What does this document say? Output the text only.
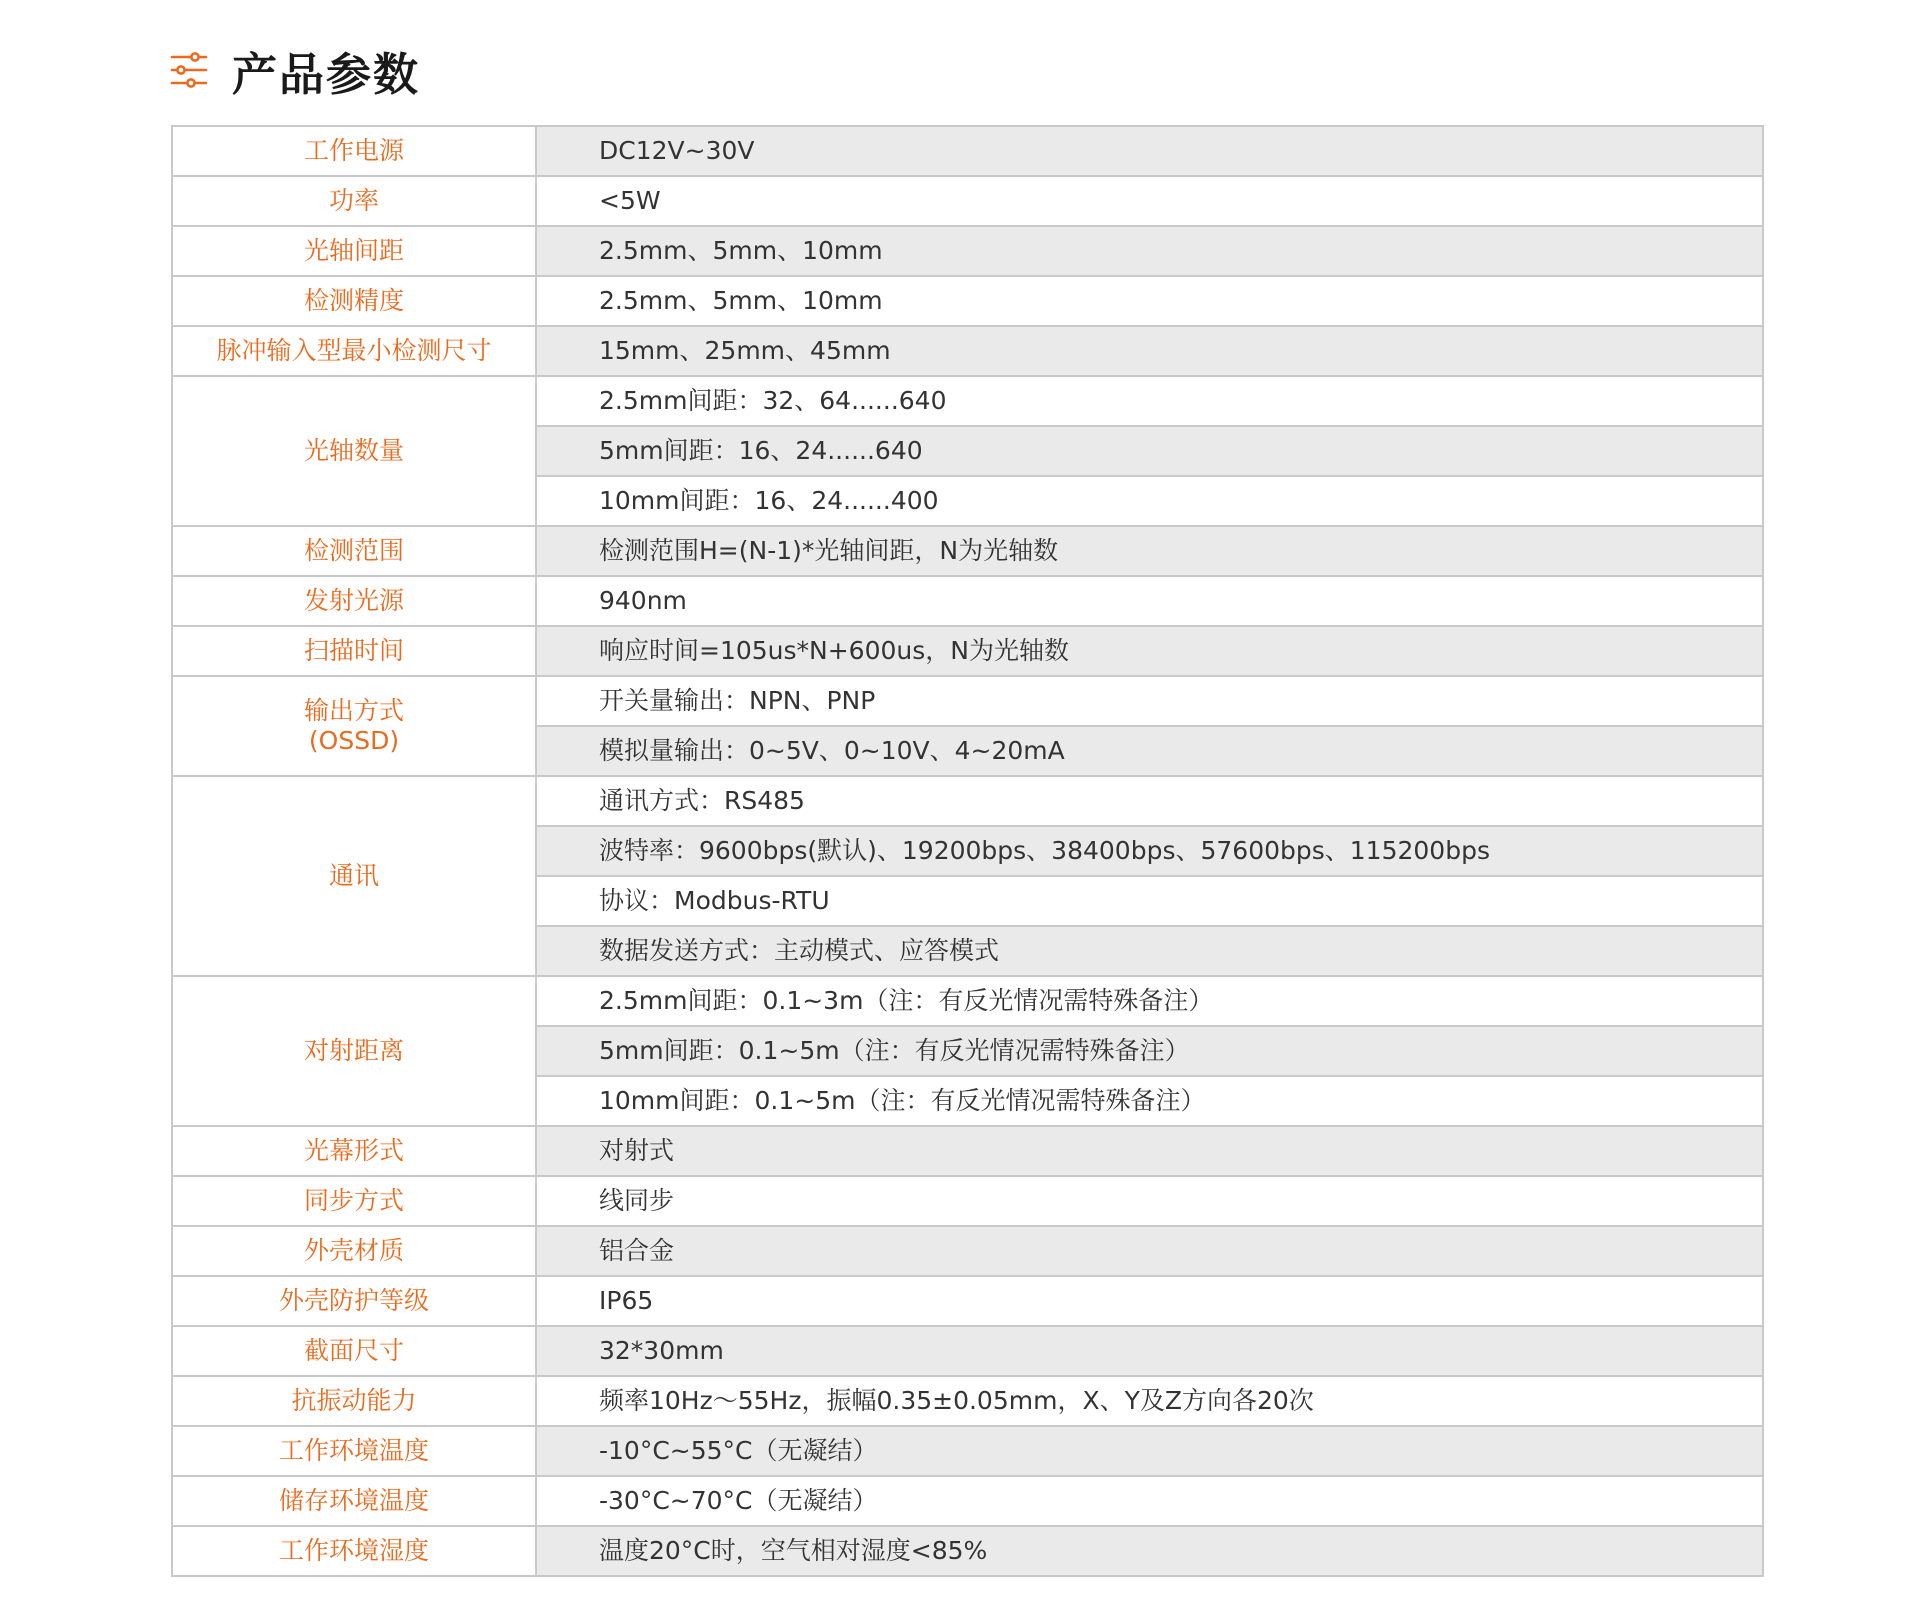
产品参数
工作电源	DC12V~30V

功率	<5W

光轴间距	2.5mm、5mm、10mm

检测精度	2.5mm、5mm、10mm

脉冲输入型最小检测尺寸	15mm、25mm、45mm

光轴数量	2.5mm间距：32、64......640
	5mm间距：16、24......640
	10mm间距：16、24......400

检测范围	检测范围H=(N-1)*光轴间距，N为光轴数

发射光源	940nm

扫描时间	响应时间=105us*N+600us，N为光轴数

输出方式
(OSSD)	开关量输出：NPN、PNP
	模拟量输出：0~5V、0~10V、4~20mA

通讯	通讯方式：RS485
	波特率：9600bps(默认)、19200bps、38400bps、57600bps、115200bps
	协议：Modbus-RTU
	数据发送方式：主动模式、应答模式

对射距离	2.5mm间距：0.1~3m（注：有反光情况需特殊备注）
	5mm间距：0.1~5m（注：有反光情况需特殊备注）
	10mm间距：0.1~5m（注：有反光情况需特殊备注）

光幕形式	对射式

同步方式	线同步

外壳材质	铝合金

外壳防护等级	IP65

截面尺寸	32*30mm

抗振动能力	频率10Hz～55Hz，振幅0.35±0.05mm，X、Y及Z方向各20次

工作环境温度	-10°C~55°C（无凝结）

储存环境温度	-30°C~70°C（无凝结）

工作环境湿度	温度20°C时，空气相对湿度<85%
